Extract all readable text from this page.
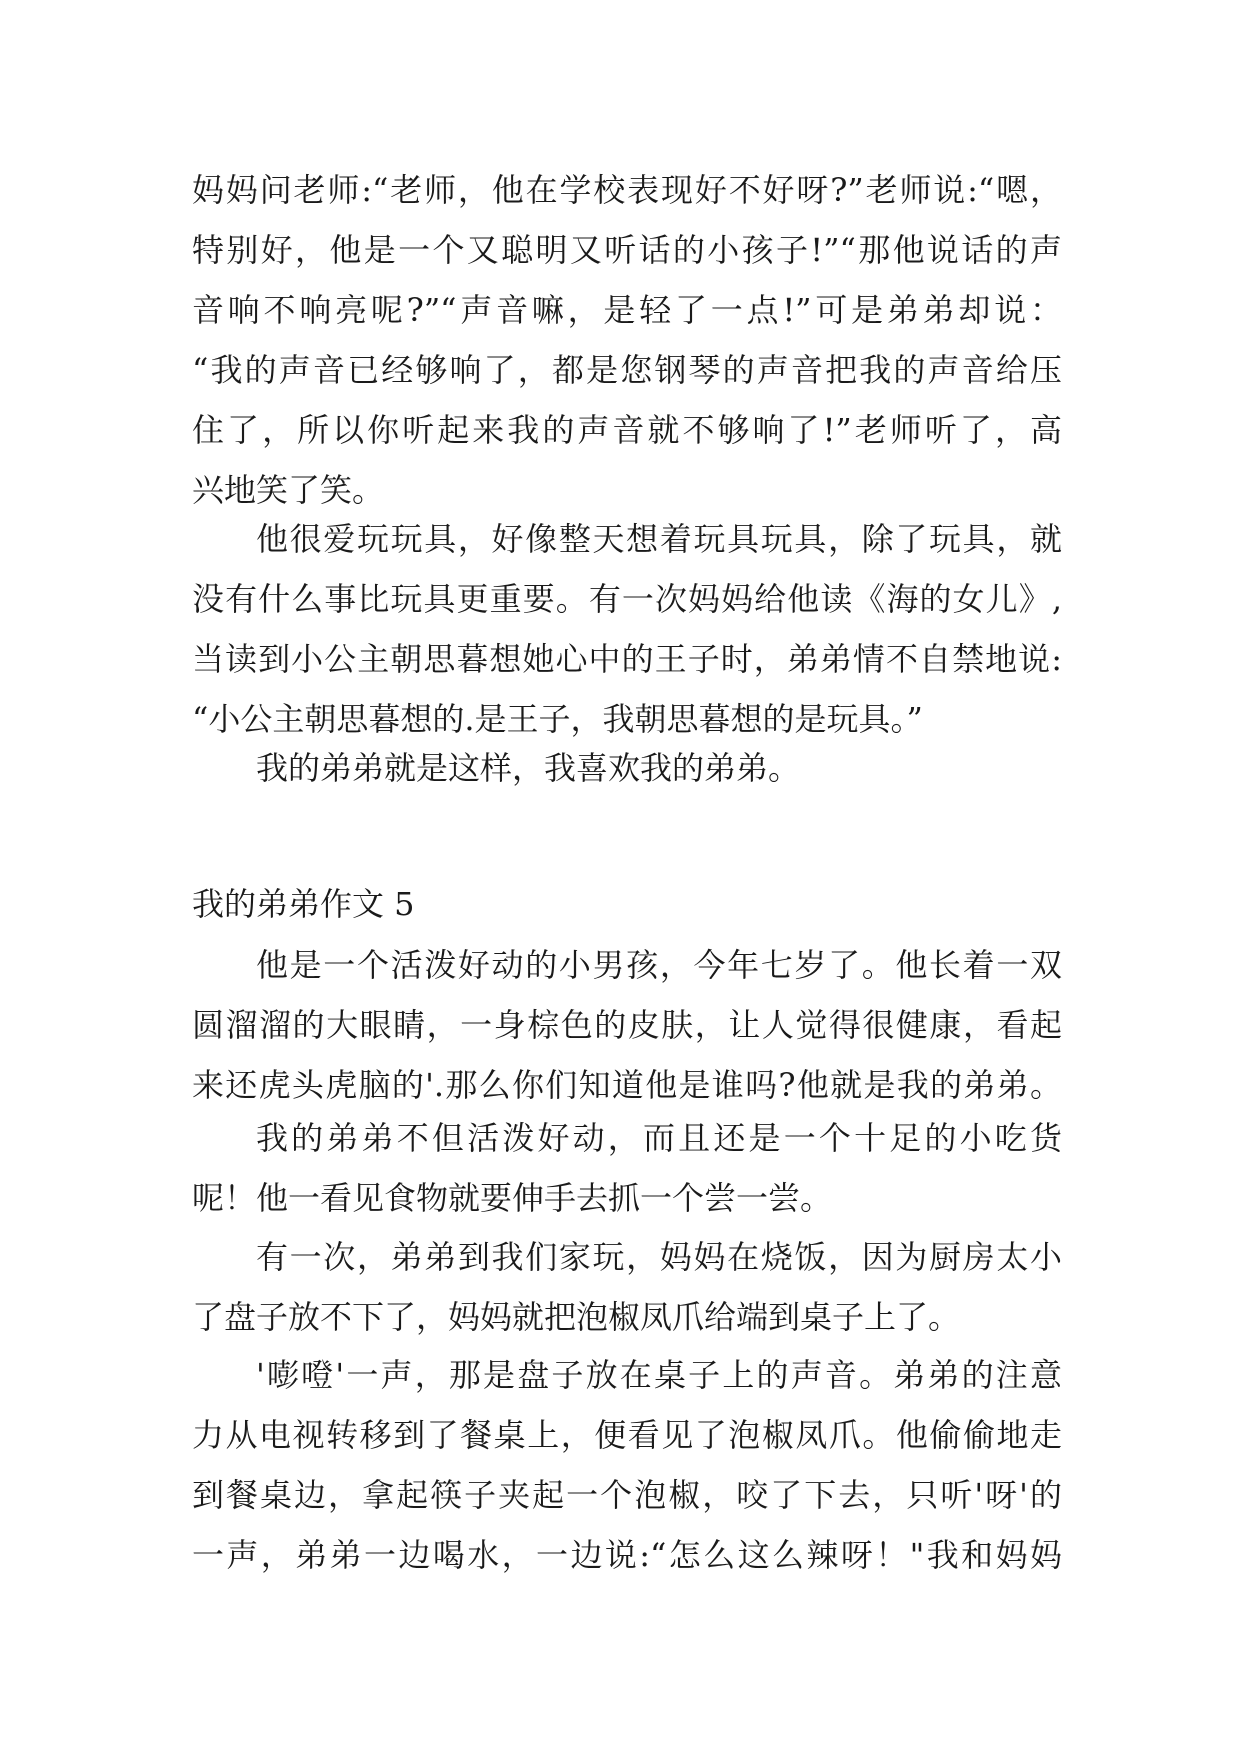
妈妈问老师:“老师，他在学校表现好不好呀?”老师说:“嗯，
特别好，他是一个又聪明又听话的小孩子!”“那他说话的声
音响不响亮呢?”“声音嘛，是轻了一点!”可是弟弟却说：
“我的声音已经够响了，都是您钢琴的声音把我的声音给压
住了，所以你听起来我的声音就不够响了!”老师听了，高
兴地笑了笑。
他很爱玩玩具，好像整天想着玩具玩具，除了玩具，就
没有什么事比玩具更重要。有一次妈妈给他读《海的女儿》,
当读到小公主朝思暮想她心中的王子时，弟弟情不自禁地说:
“小公主朝思暮想的.是王子，我朝思暮想的是玩具。”
我的弟弟就是这样，我喜欢我的弟弟。
我的弟弟作文 5
他是一个活泼好动的小男孩，今年七岁了。他长着一双
圆溜溜的大眼睛，一身棕色的皮肤，让人觉得很健康，看起
来还虎头虎脑的'.那么你们知道他是谁吗?他就是我的弟弟。
我的弟弟不但活泼好动，而且还是一个十足的小吃货
呢！他一看见食物就要伸手去抓一个尝一尝。
有一次，弟弟到我们家玩，妈妈在烧饭，因为厨房太小
了盘子放不下了，妈妈就把泡椒凤爪给端到桌子上了。
'嘭噔'一声，那是盘子放在桌子上的声音。弟弟的注意
力从电视转移到了餐桌上，便看见了泡椒凤爪。他偷偷地走
到餐桌边，拿起筷子夹起一个泡椒，咬了下去，只听'呀'的
一声，弟弟一边喝水，一边说:“怎么这么辣呀！"我和妈妈
